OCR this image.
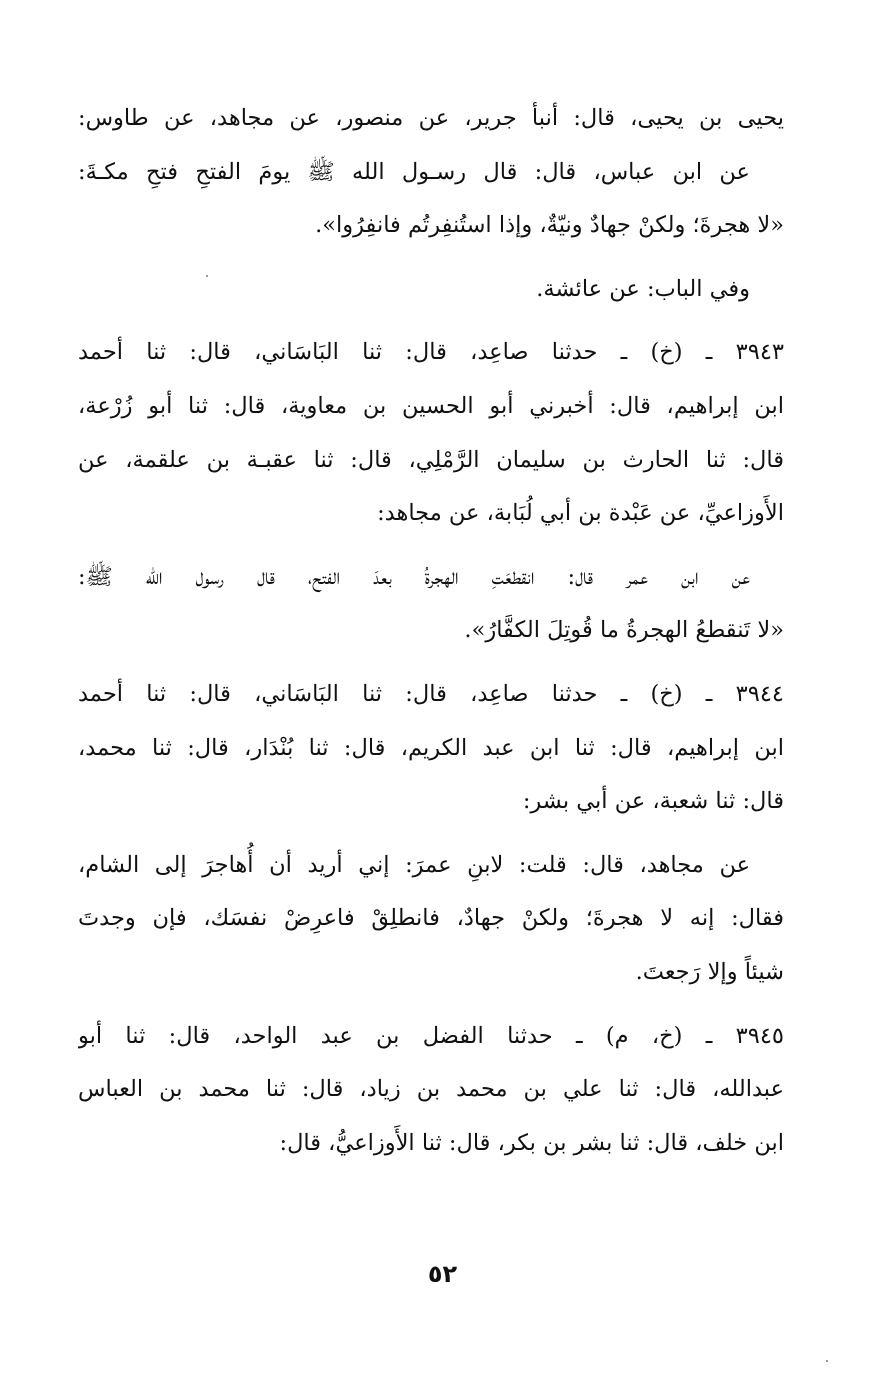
يحيى بن يحيى، قال: أنبأ جرير، عن منصور، عن مجاهد، عن طاوس:
عن ابن عباس، قال: قال رسـول الله ﷺ يومَ الفتحِ فتحِ مكـةَ:
«لا هجرةَ؛ ولكنْ جهادٌ ونيّةٌ، وإذا استُنفِرتُم فانفِرُوا».
وفي الباب: عن عائشة.
٣٩٤٣ ـ (خ) ـ حدثنا صاعِد، قال: ثنا البَاسَاني، قال: ثنا أحمد
ابن إبراهيم، قال: أخبرني أبو الحسين بن معاوية، قال: ثنا أبو زُرْعة،
قال: ثنا الحارث بن سليمان الرَّمْلِي، قال: ثنا عقبـة بن علقمة، عن
الأَوزاعيِّ، عن عَبْدة بن أبي لُبَابة، عن مجاهد:
عن ابن عمر قال: انقطعَتِ الهجرةُ بعدَ الفتح، قال رسول الله ﷺ:
«لا تَنقطعُ الهجرةُ ما قُوتِلَ الكفَّارُ».
٣٩٤٤ ـ (خ) ـ حدثنا صاعِد، قال: ثنا البَاسَاني، قال: ثنا أحمد
ابن إبراهيم، قال: ثنا ابن عبد الكريم، قال: ثنا بُنْدَار، قال: ثنا محمد،
قال: ثنا شعبة، عن أبي بشر:
عن مجاهد، قال: قلت: لابنِ عمرَ: إني أريد أن أُهاجرَ إلى الشام،
فقال: إنه لا هجرةَ؛ ولكنْ جهادٌ، فانطلِقْ فاعرِضْ نفسَك، فإن وجدتَ
شيئاً وإلا رَجعتَ.
٣٩٤٥ ـ (خ، م) ـ حدثنا الفضل بن عبد الواحد، قال: ثنا أبو
عبدالله، قال: ثنا علي بن محمد بن زياد، قال: ثنا محمد بن العباس
ابن خلف، قال: ثنا بشر بن بكر، قال: ثنا الأَوزاعيُّ، قال:
٥٢
